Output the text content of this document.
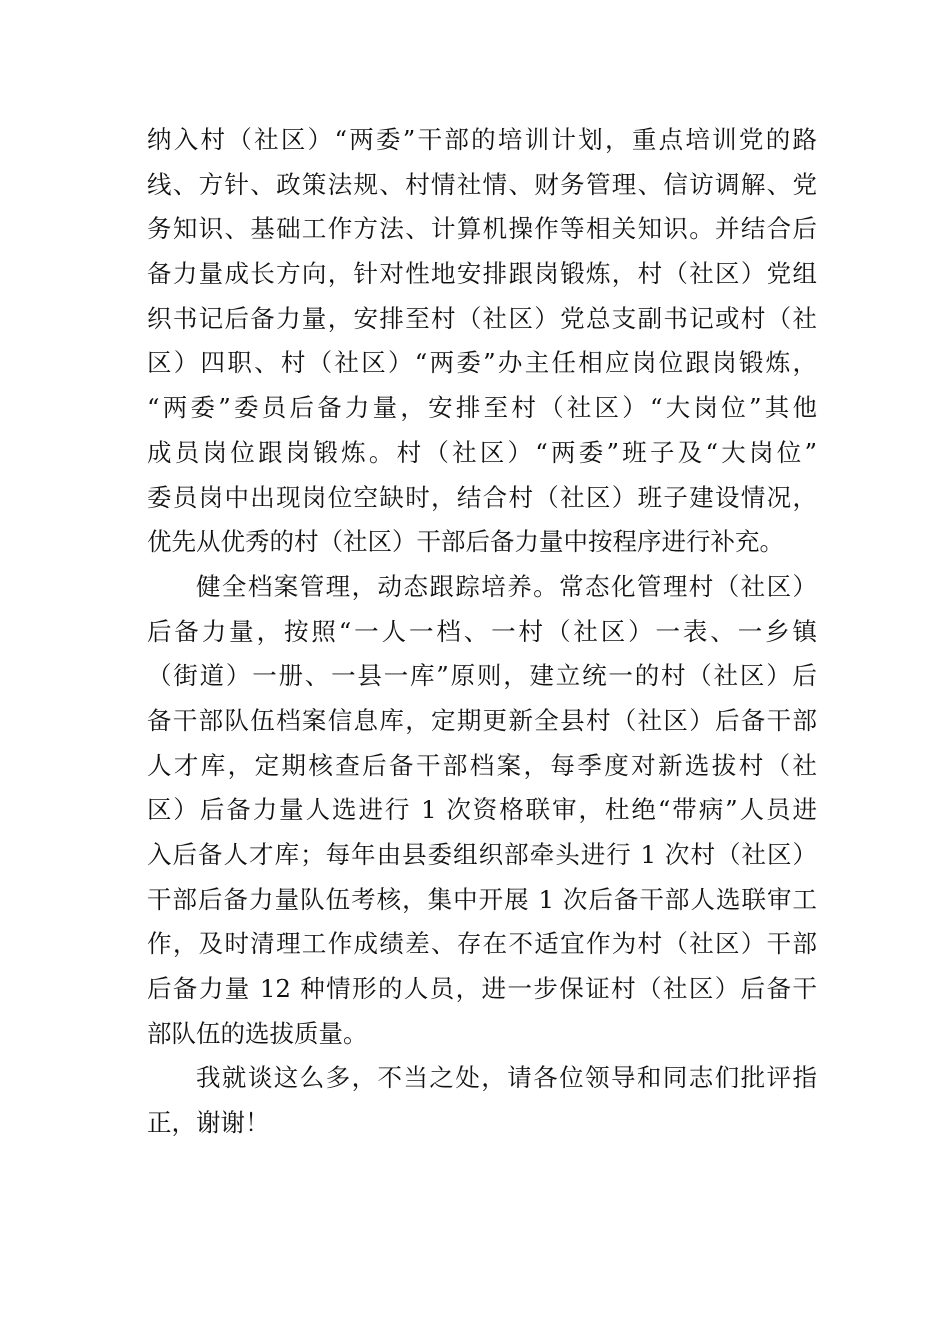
纳入村（社区）“两委”干部的培训计划，重点培训党的路
线、方针、政策法规、村情社情、财务管理、信访调解、党
务知识、基础工作方法、计算机操作等相关知识。并结合后
备力量成长方向，针对性地安排跟岗锻炼，村（社区）党组
织书记后备力量，安排至村（社区）党总支副书记或村（社
区）四职、村（社区）“两委”办主任相应岗位跟岗锻炼，
“两委”委员后备力量，安排至村（社区）“大岗位”其他
成员岗位跟岗锻炼。村（社区）“两委”班子及“大岗位”
委员岗中出现岗位空缺时，结合村（社区）班子建设情况，
优先从优秀的村（社区）干部后备力量中按程序进行补充。
健全档案管理，动态跟踪培养。常态化管理村（社区）
后备力量，按照“一人一档、一村（社区）一表、一乡镇
（街道）一册、一县一库”原则，建立统一的村（社区）后
备干部队伍档案信息库，定期更新全县村（社区）后备干部
人才库，定期核查后备干部档案，每季度对新选拔村（社
区）后备力量人选进行 1 次资格联审，杜绝“带病”人员进
入后备人才库；每年由县委组织部牵头进行 1 次村（社区）
干部后备力量队伍考核，集中开展 1 次后备干部人选联审工
作，及时清理工作成绩差、存在不适宜作为村（社区）干部
后备力量 12 种情形的人员，进一步保证村（社区）后备干
部队伍的选拔质量。
我就谈这么多，不当之处，请各位领导和同志们批评指
正，谢谢！
